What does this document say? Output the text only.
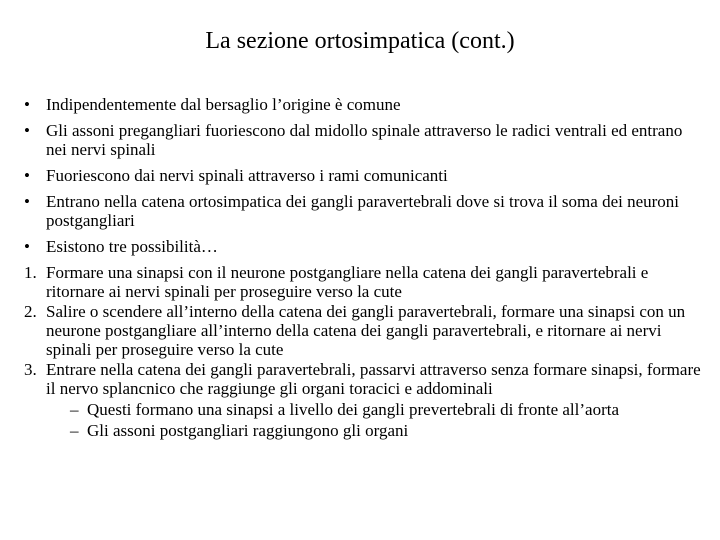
La sezione ortosimpatica (cont.)
• Indipendentemente dal bersaglio l’origine è comune
• Gli assoni pregangliari fuoriescono dal midollo spinale attraverso le radici ventrali ed entrano nei nervi spinali
• Fuoriescono dai nervi spinali attraverso i rami comunicanti
• Entrano nella catena ortosimpatica dei gangli paravertebrali dove si trova il soma dei neuroni postgangliari
• Esistono tre possibilità…
1. Formare una sinapsi con il neurone postgangliare nella catena dei gangli paravertebrali e ritornare ai nervi spinali per proseguire verso la cute
2. Salire o scendere all’interno della catena dei gangli paravertebrali, formare una sinapsi con un neurone postgangliare all’interno della catena dei gangli paravertebrali, e ritornare ai nervi spinali per proseguire verso la cute
3. Entrare nella catena dei gangli paravertebrali, passarvi attraverso senza formare sinapsi, formare il nervo splancnico che raggiunge gli organi toracici e addominali
– Questi formano una sinapsi a livello dei gangli prevertebrali di fronte all’aorta
– Gli assoni postgangliari raggiungono gli organi
